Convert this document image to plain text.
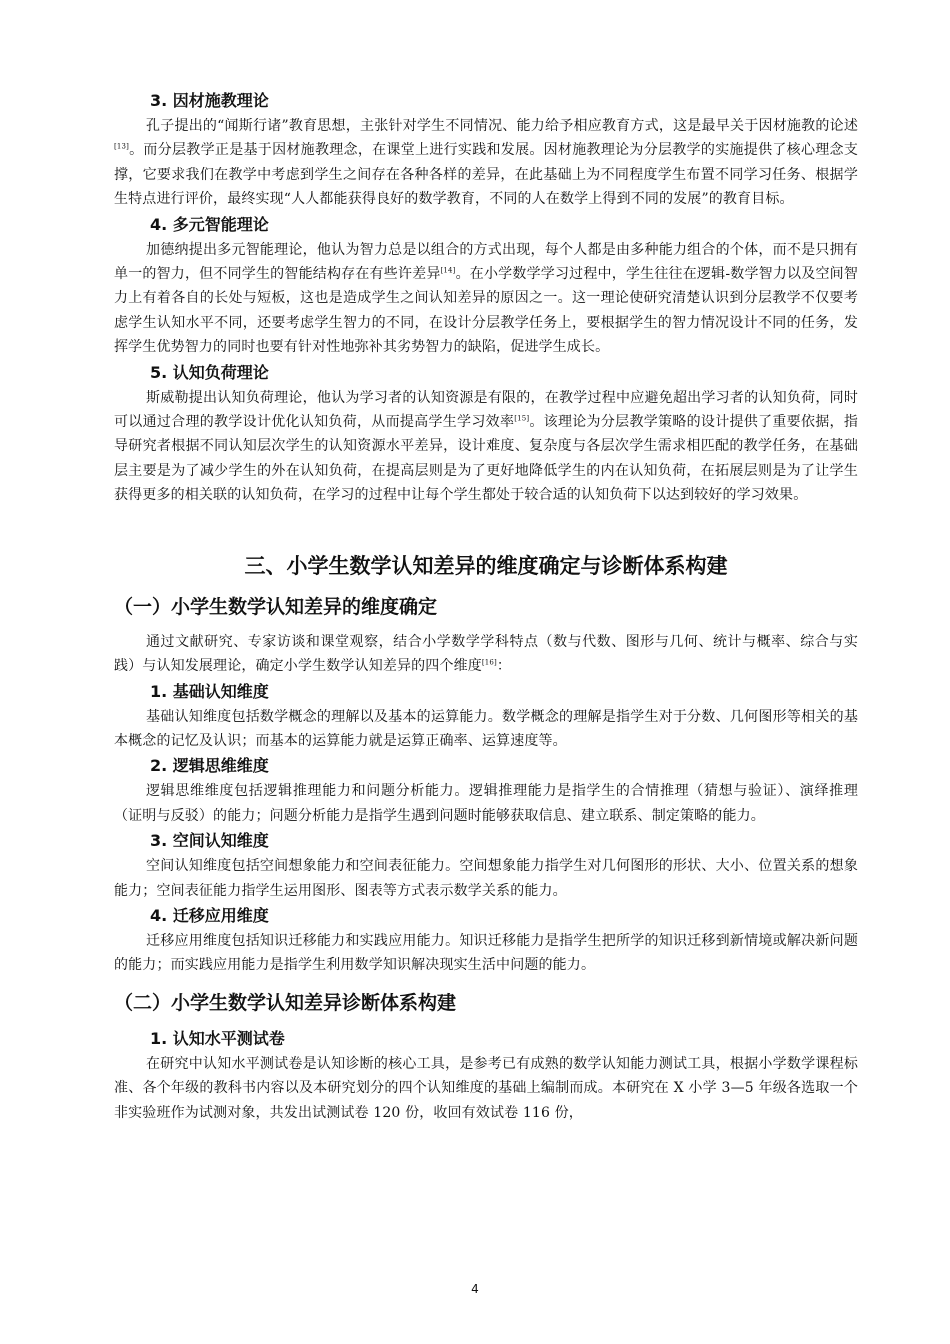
3. 因材施教理论

孔子提出的“闻斯行诸”教育思想，主张针对学生不同情况、能力给予相应教育方式，这是最早关于因材施教的论述[13]。而分层教学正是基于因材施教理念，在课堂上进行实践和发展。因材施教理论为分层教学的实施提供了核心理念支撑，它要求我们在教学中考虑到学生之间存在各种各样的差异，在此基础上为不同程度学生布置不同学习任务、根据学生特点进行评价，最终实现“人人都能获得良好的数学教育，不同的人在数学上得到不同的发展”的教育目标。

4. 多元智能理论

加德纳提出多元智能理论，他认为智力总是以组合的方式出现，每个人都是由多种能力组合的个体，而不是只拥有单一的智力，但不同学生的智能结构存在有些许差异[14]。在小学数学学习过程中，学生往往在逻辑-数学智力以及空间智力上有着各自的长处与短板，这也是造成学生之间认知差异的原因之一。这一理论使研究清楚认识到分层教学不仅要考虑学生认知水平不同，还要考虑学生智力的不同，在设计分层教学任务上，要根据学生的智力情况设计不同的任务，发挥学生优势智力的同时也要有针对性地弥补其劣势智力的缺陷，促进学生成长。

5. 认知负荷理论

斯威勒提出认知负荷理论，他认为学习者的认知资源是有限的，在教学过程中应避免超出学习者的认知负荷，同时可以通过合理的教学设计优化认知负荷，从而提高学生学习效率[15]。该理论为分层教学策略的设计提供了重要依据，指导研究者根据不同认知层次学生的认知资源水平差异，设计难度、复杂度与各层次学生需求相匹配的教学任务，在基础层主要是为了减少学生的外在认知负荷，在提高层则是为了更好地降低学生的内在认知负荷，在拓展层则是为了让学生获得更多的相关联的认知负荷，在学习的过程中让每个学生都处于较合适的认知负荷下以达到较好的学习效果。

三、小学生数学认知差异的维度确定与诊断体系构建
（一）小学生数学认知差异的维度确定

通过文献研究、专家访谈和课堂观察，结合小学数学学科特点（数与代数、图形与几何、统计与概率、综合与实践）与认知发展理论，确定小学生数学认知差异的四个维度[16]：

1. 基础认知维度

基础认知维度包括数学概念的理解以及基本的运算能力。数学概念的理解是指学生对于分数、几何图形等相关的基本概念的记忆及认识；而基本的运算能力就是运算正确率、运算速度等。

2. 逻辑思维维度

逻辑思维维度包括逻辑推理能力和问题分析能力。逻辑推理能力是指学生的合情推理（猜想与验证）、演绎推理（证明与反驳）的能力；问题分析能力是指学生遇到问题时能够获取信息、建立联系、制定策略的能力。

3. 空间认知维度

空间认知维度包括空间想象能力和空间表征能力。空间想象能力指学生对几何图形的形状、大小、位置关系的想象能力；空间表征能力指学生运用图形、图表等方式表示数学关系的能力。

4. 迁移应用维度

迁移应用维度包括知识迁移能力和实践应用能力。知识迁移能力是指学生把所学的知识迁移到新情境或解决新问题的能力；而实践应用能力是指学生利用数学知识解决现实生活中问题的能力。

（二）小学生数学认知差异诊断体系构建
1. 认知水平测试卷

在研究中认知水平测试卷是认知诊断的核心工具，是参考已有成熟的数学认知能力测试工具，根据小学数学课程标准、各个年级的教科书内容以及本研究划分的四个认知维度的基础上编制而成。本研究在 X 小学 3—5 年级各选取一个非实验班作为试测对象，共发出试测试卷 120 份，收回有效试卷 116 份，

4
